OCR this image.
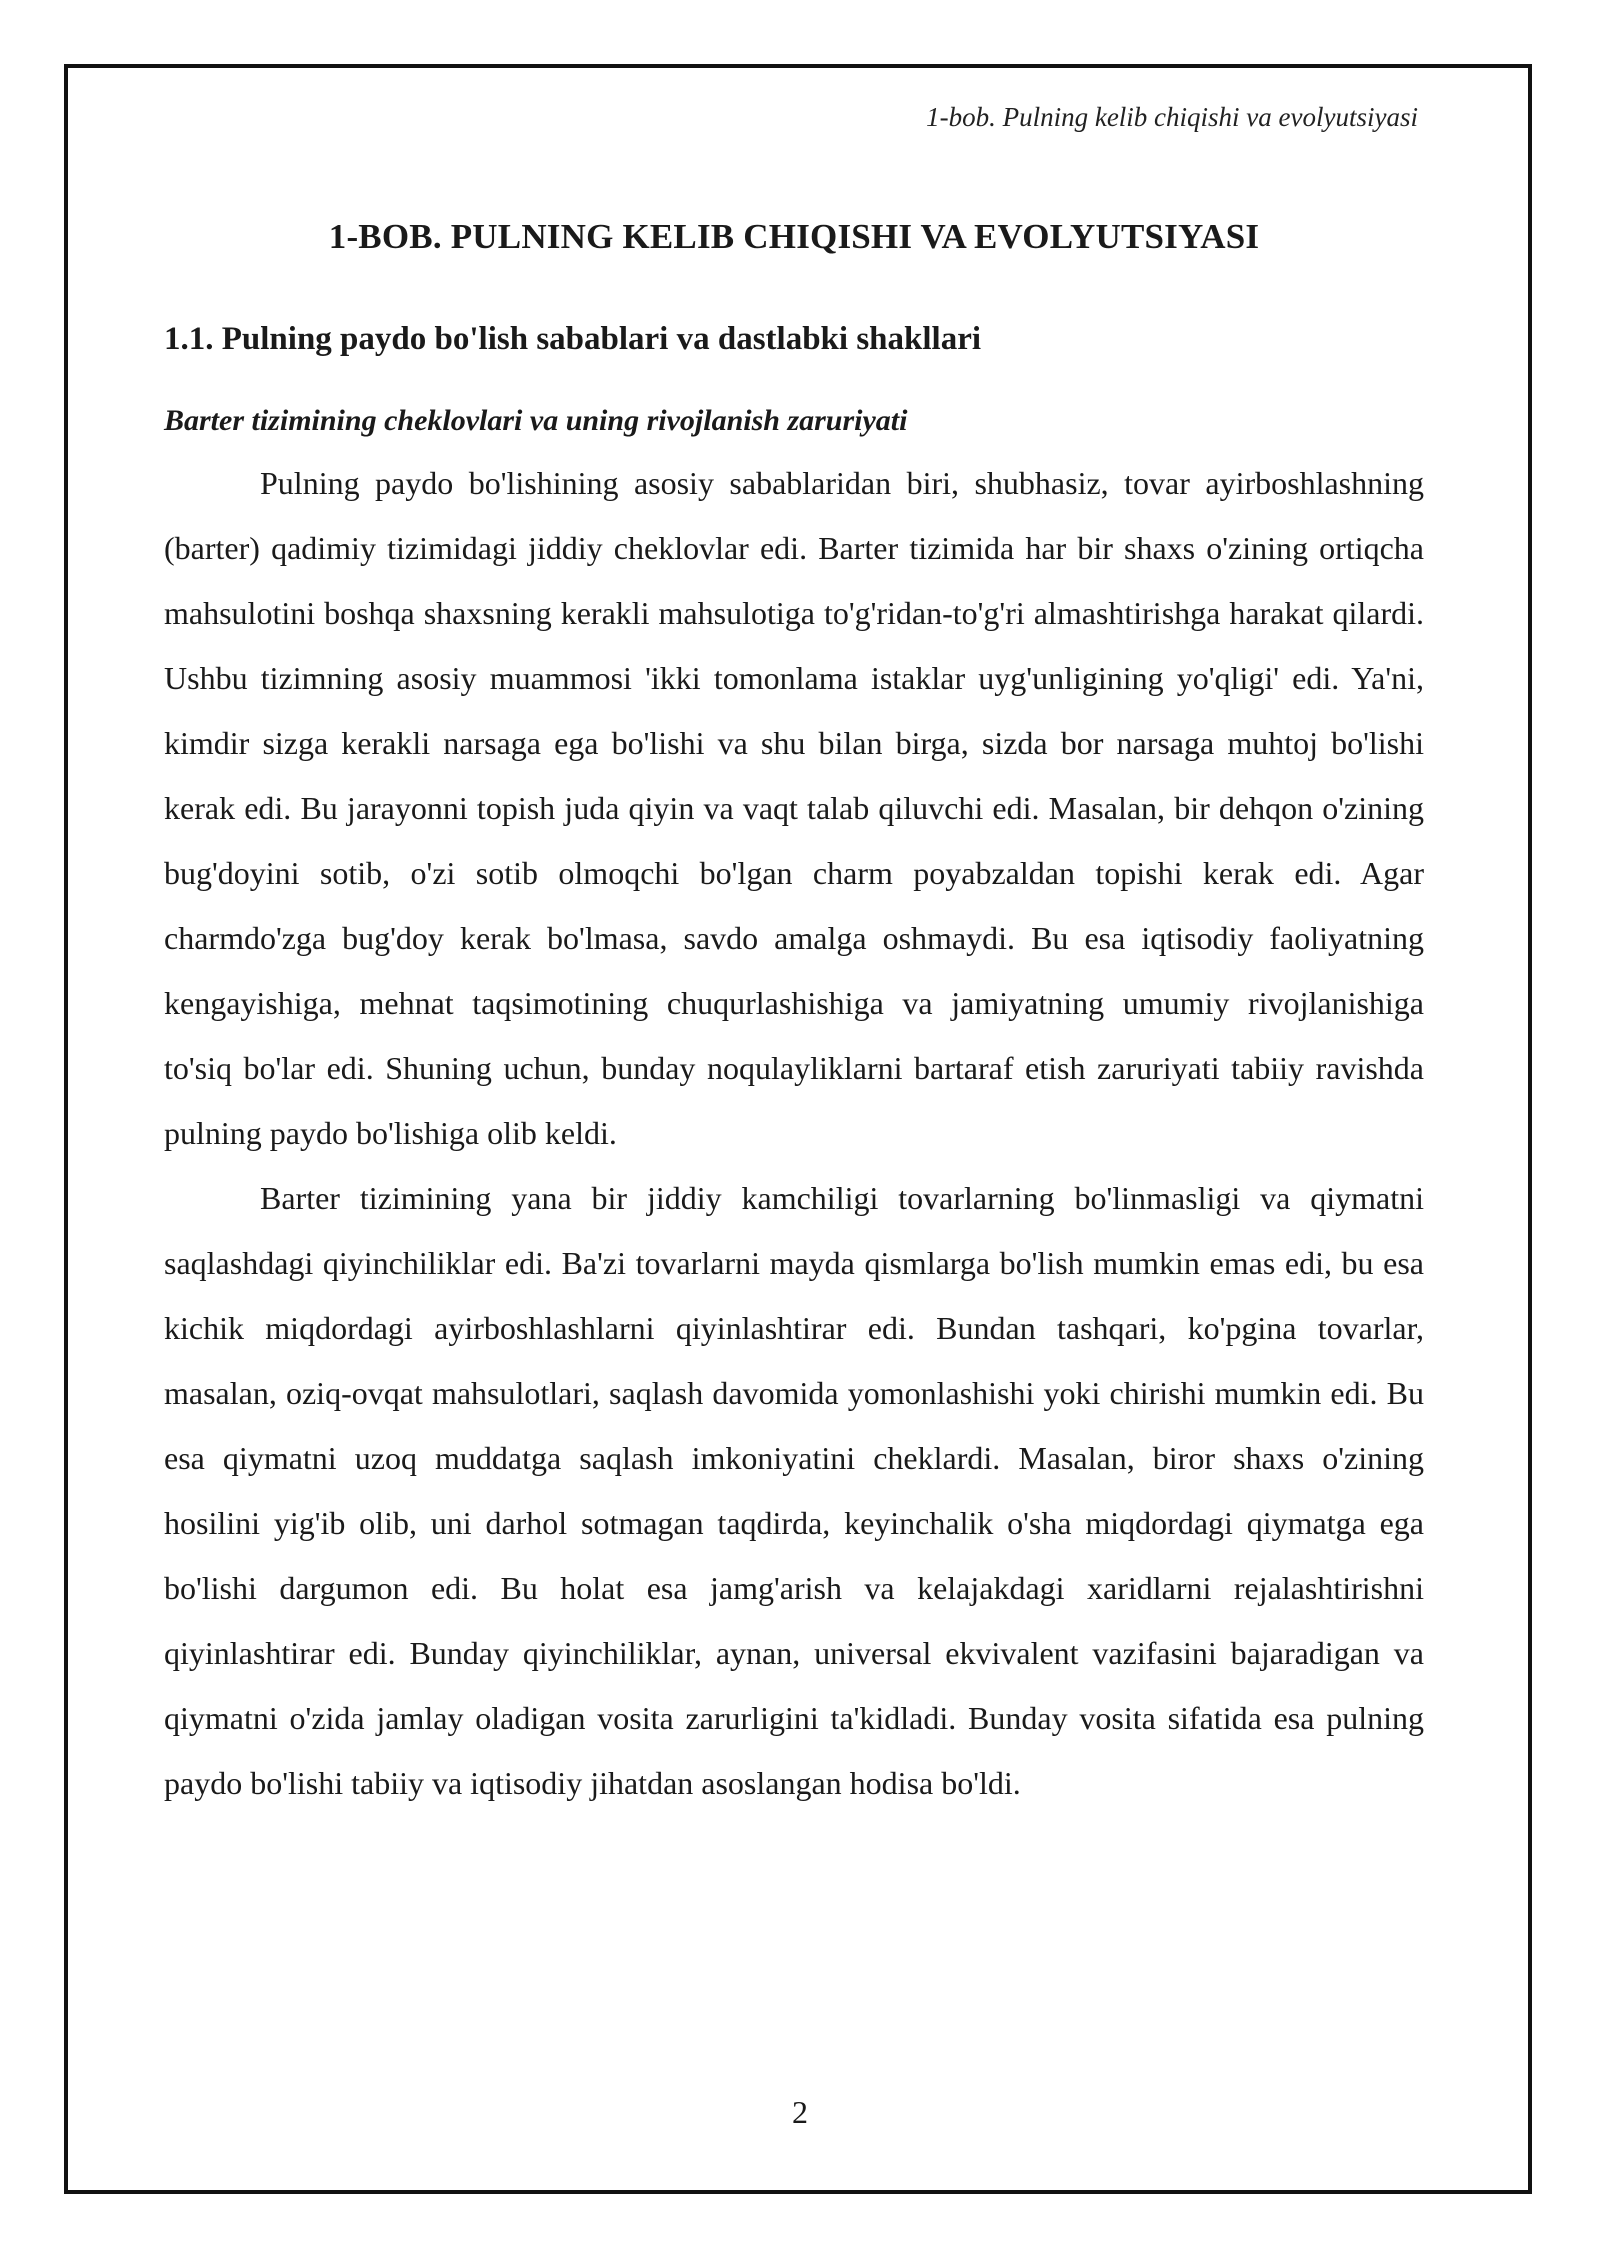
1-bob. Pulning kelib chiqishi va evolyutsiyasi
1-BOB. PULNING KELIB CHIQISHI VA EVOLYUTSIYASI
1.1. Pulning paydo bo'lish sabablari va dastlabki shakllari
Barter tizimining cheklovlari va uning rivojlanish zaruriyati

Pulning paydo bo'lishining asosiy sabablaridan biri, shubhasiz, tovar ayirboshlashning (barter) qadimiy tizimidagi jiddiy cheklovlar edi. Barter tizimida har bir shaxs o'zining ortiqcha mahsulotini boshqa shaxsning kerakli mahsulotiga to'g'ridan-to'g'ri almashtirishga harakat qilardi. Ushbu tizimning asosiy muammosi 'ikki tomonlama istaklar uyg'unligining yo'qligi' edi. Ya'ni, kimdir sizga kerakli narsaga ega bo'lishi va shu bilan birga, sizda bor narsaga muhtoj bo'lishi kerak edi. Bu jarayonni topish juda qiyin va vaqt talab qiluvchi edi. Masalan, bir dehqon o'zining bug'doyini sotib, o'zi sotib olmoqchi bo'lgan charm poyabzaldan topishi kerak edi. Agar charmdo'zga bug'doy kerak bo'lmasa, savdo amalga oshmaydi. Bu esa iqtisodiy faoliyatning kengayishiga, mehnat taqsimotining chuqurlashishiga va jamiyatning umumiy rivojlanishiga to'siq bo'lar edi. Shuning uchun, bunday noqulayliklarni bartaraf etish zaruriyati tabiiy ravishda pulning paydo bo'lishiga olib keldi.

Barter tizimining yana bir jiddiy kamchiligi tovarlarning bo'linmasligi va qiymatni saqlashdagi qiyinchiliklar edi. Ba'zi tovarlarni mayda qismlarga bo'lish mumkin emas edi, bu esa kichik miqdordagi ayirboshlashlarni qiyinlashtirar edi. Bundan tashqari, ko'pgina tovarlar, masalan, oziq-ovqat mahsulotlari, saqlash davomida yomonlashishi yoki chirishi mumkin edi. Bu esa qiymatni uzoq muddatga saqlash imkoniyatini cheklardi. Masalan, biror shaxs o'zining hosilini yig'ib olib, uni darhol sotmagan taqdirda, keyinchalik o'sha miqdordagi qiymatga ega bo'lishi dargumon edi. Bu holat esa jamg'arish va kelajakdagi xaridlarni rejalashtirishni qiyinlashtirar edi. Bunday qiyinchiliklar, aynan, universal ekvivalent vazifasini bajaradigan va qiymatni o'zida jamlay oladigan vosita zarurligini ta'kidladi. Bunday vosita sifatida esa pulning paydo bo'lishi tabiiy va iqtisodiy jihatdan asoslangan hodisa bo'ldi.

2
